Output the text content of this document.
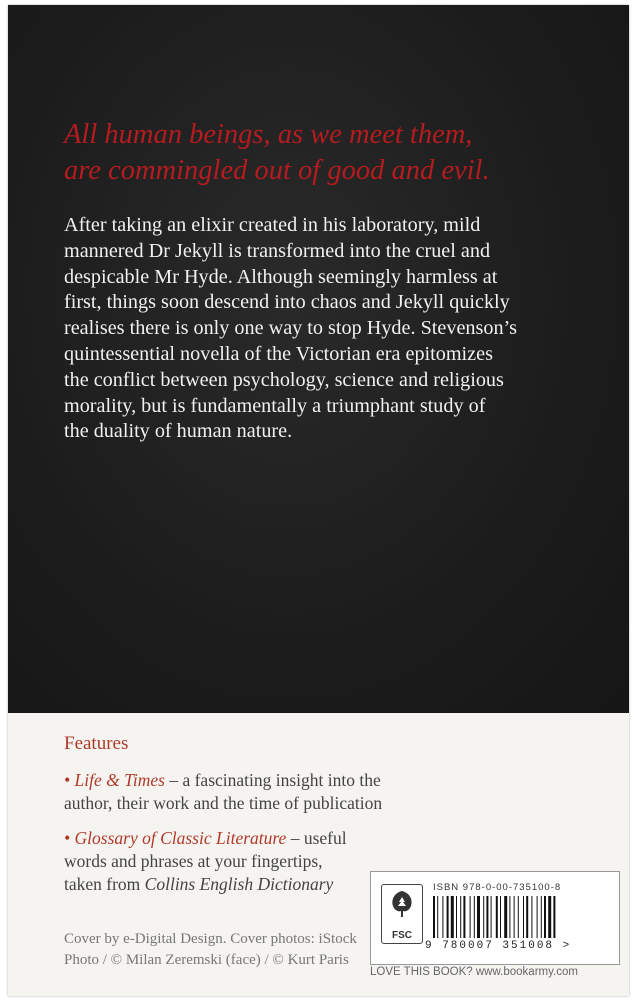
All human beings, as we meet them,
are commingled out of good and evil.

After taking an elixir created in his laboratory, mild
mannered Dr Jekyll is transformed into the cruel and
despicable Mr Hyde. Although seemingly harmless at
first, things soon descend into chaos and Jekyll quickly
realises there is only one way to stop Hyde. Stevenson’s
quintessential novella of the Victorian era epitomizes
the conflict between psychology, science and religious
morality, but is fundamentally a triumphant study of
the duality of human nature.

Features

• Life & Times – a fascinating insight into the
author, their work and the time of publication
• Glossary of Classic Literature – useful
words and phrases at your fingertips,
taken from Collins English Dictionary
Cover by e-Digital Design. Cover photos: iStock
Photo / © Milan Zeremski (face) / © Kurt Paris
FSC
ISBN 978-0-00-735100-8
9 780007 351008 >
LOVE THIS BOOK? www.bookarmy.com
